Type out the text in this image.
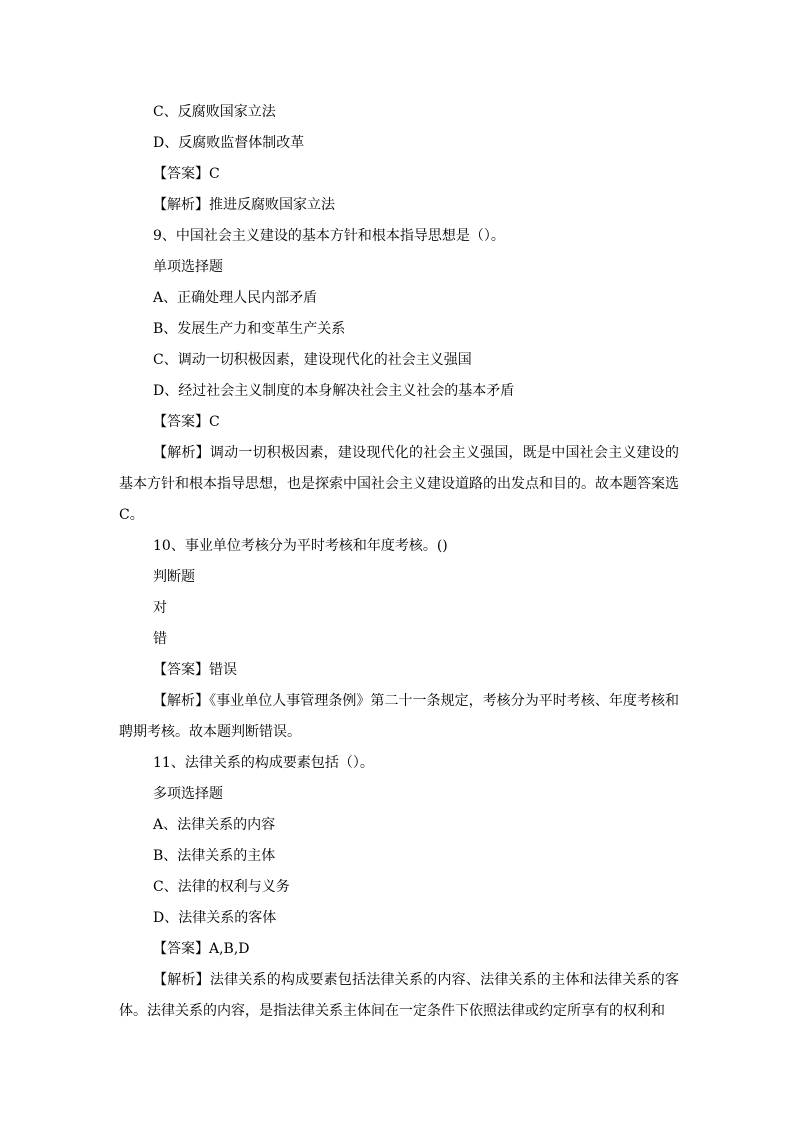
C、反腐败国家立法
D、反腐败监督体制改革
【答案】C
【解析】推进反腐败国家立法
9、中国社会主义建设的基本方针和根本指导思想是（）。
单项选择题
A、正确处理人民内部矛盾
B、发展生产力和变革生产关系
C、调动一切积极因素，建设现代化的社会主义强国
D、经过社会主义制度的本身解决社会主义社会的基本矛盾
【答案】C
【解析】调动一切积极因素，建设现代化的社会主义强国，既是中国社会主义建设的基本方针和根本指导思想，也是探索中国社会主义建设道路的出发点和目的。故本题答案选C。
10、事业单位考核分为平时考核和年度考核。()
判断题
对
错
【答案】错误
【解析】《事业单位人事管理条例》第二十一条规定，考核分为平时考核、年度考核和聘期考核。故本题判断错误。
11、法律关系的构成要素包括（）。
多项选择题
A、法律关系的内容
B、法律关系的主体
C、法律的权利与义务
D、法律关系的客体
【答案】A,B,D
【解析】法律关系的构成要素包括法律关系的内容、法律关系的主体和法律关系的客体。法律关系的内容，是指法律关系主体间在一定条件下依照法律或约定所享有的权利和
